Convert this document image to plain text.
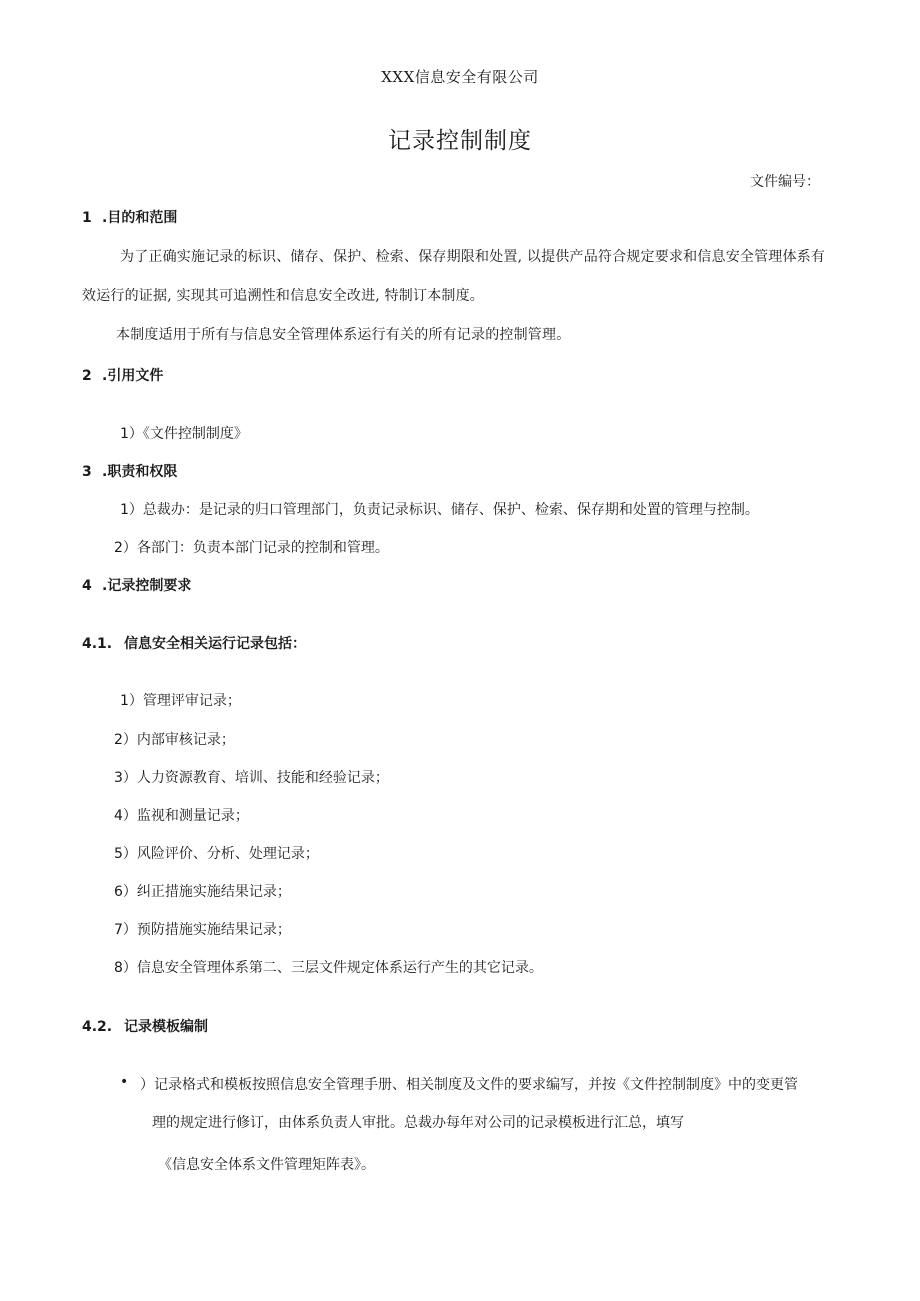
XXX信息安全有限公司
记录控制制度
文件编号：
1 .目的和范围
为了正确实施记录的标识、储存、保护、检索、保存期限和处置, 以提供产品符合规定要求和信息安全管理体系有
效运行的证据, 实现其可追溯性和信息安全改进, 特制订本制度。
本制度适用于所有与信息安全管理体系运行有关的所有记录的控制管理。
2 .引用文件
1）《文件控制制度》
3 .职责和权限
1）总裁办：是记录的归口管理部门，负责记录标识、储存、保护、检索、保存期和处置的管理与控制。
2）各部门：负责本部门记录的控制和管理。
4 .记录控制要求
4.1. 信息安全相关运行记录包括：
1）管理评审记录；
2）内部审核记录；
3）人力资源教育、培训、技能和经验记录；
4）监视和测量记录；
5）风险评价、分析、处理记录；
6）纠正措施实施结果记录；
7）预防措施实施结果记录；
8）信息安全管理体系第二、三层文件规定体系运行产生的其它记录。
4.2. 记录模板编制
• ）记录格式和模板按照信息安全管理手册、相关制度及文件的要求编写，并按《文件控制制度》中的变更管
理的规定进行修订，由体系负责人审批。总裁办每年对公司的记录模板进行汇总，填写
《信息安全体系文件管理矩阵表》。
